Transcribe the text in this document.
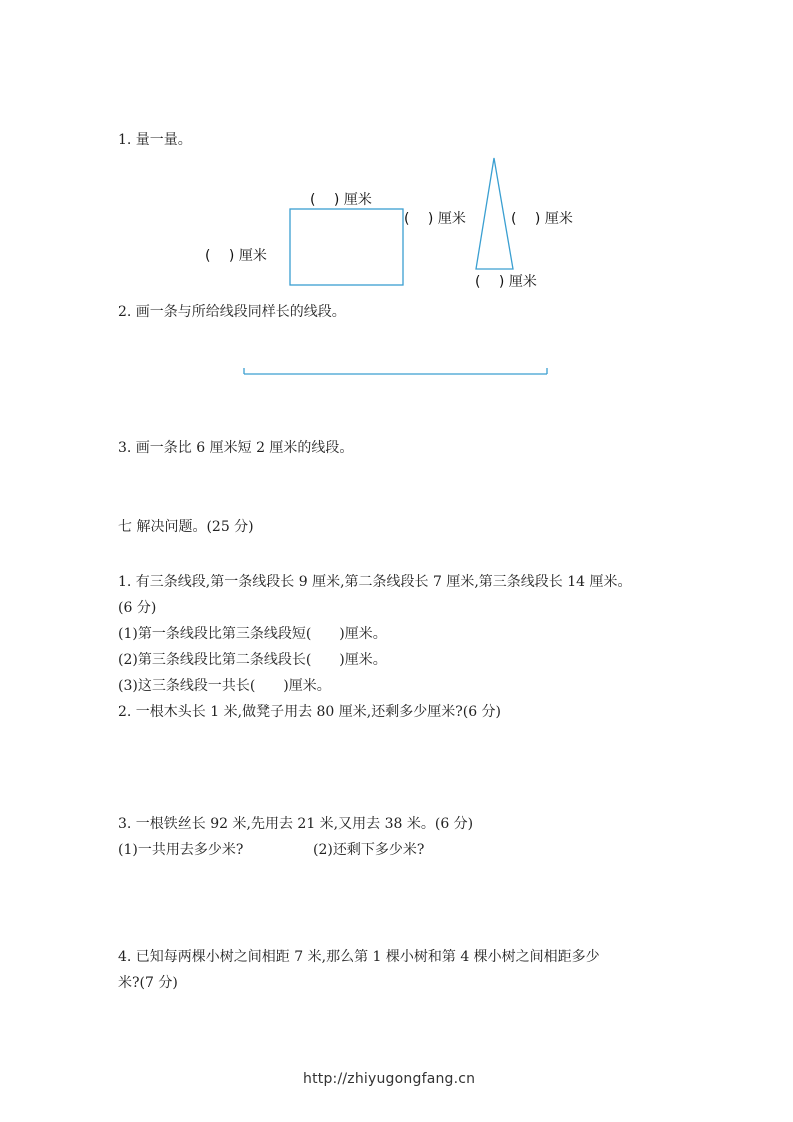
1. 量一量。
(　 ) 厘米
(　 ) 厘米
(　 ) 厘米	(　 ) 厘米
(　 ) 厘米
2. 画一条与所给线段同样长的线段。
3. 画一条比 6 厘米短 2 厘米的线段。
七 解决问题。(25 分)
1. 有三条线段,第一条线段长 9 厘米,第二条线段长 7 厘米,第三条线段长 14 厘米。
(6 分)
(1)第一条线段比第三条线段短(　　)厘米。
(2)第三条线段比第二条线段长(　　)厘米。
(3)这三条线段一共长(　　)厘米。
2. 一根木头长 1 米,做凳子用去 80 厘米,还剩多少厘米?(6 分)
3. 一根铁丝长 92 米,先用去 21 米,又用去 38 米。(6 分)
(1)一共用去多少米?	(2)还剩下多少米?
4. 已知每两棵小树之间相距 7 米,那么第 1 棵小树和第 4 棵小树之间相距多少
米?(7 分)
http://zhiyugongfang.cn
